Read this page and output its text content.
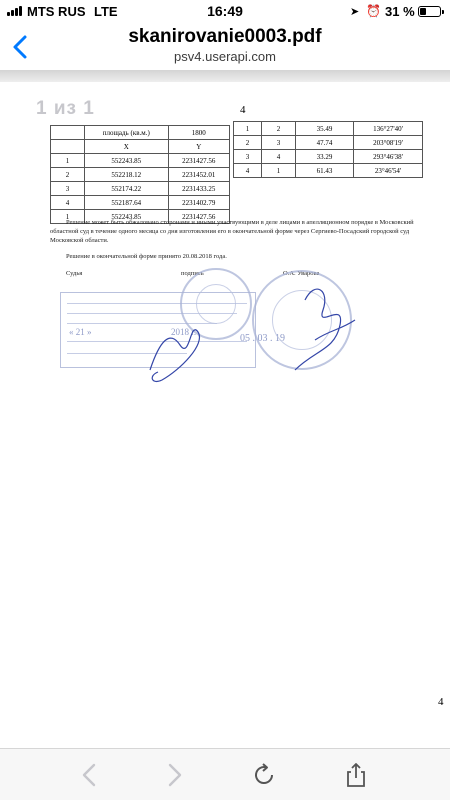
MTS RUS LTE	16:49	➤ ⏰ 31 %
skanirovanie0003.pdf
psv4.userapi.com
1 из 1	4
	площадь (кв.м.)	1800
	X	Y
1	552243.85	2231427.56
2	552218.12	2231452.01
3	552174.22	2231433.25
4	552187.64	2231402.79
1	552243.85	2231427.56
1	2	35.49	136°27'40'
2	3	47.74	203°08'19'
3	4	33.29	293°46'38'
4	1	61.43	23°46'54'
Решение может быть обжаловано сторонами и иными участвующими в деле лицами в апелляционном порядке в Московский областной суд в течение одного месяца со дня изготовления его в окончательной форме через Сергиево-Посадский городской суд Московской области.
Решение в окончательной форме принято 20.08.2018 года.
Судья	подпись	О.А. Уварова
« 21 »	2018 г.
05 . 03 . 19
4
